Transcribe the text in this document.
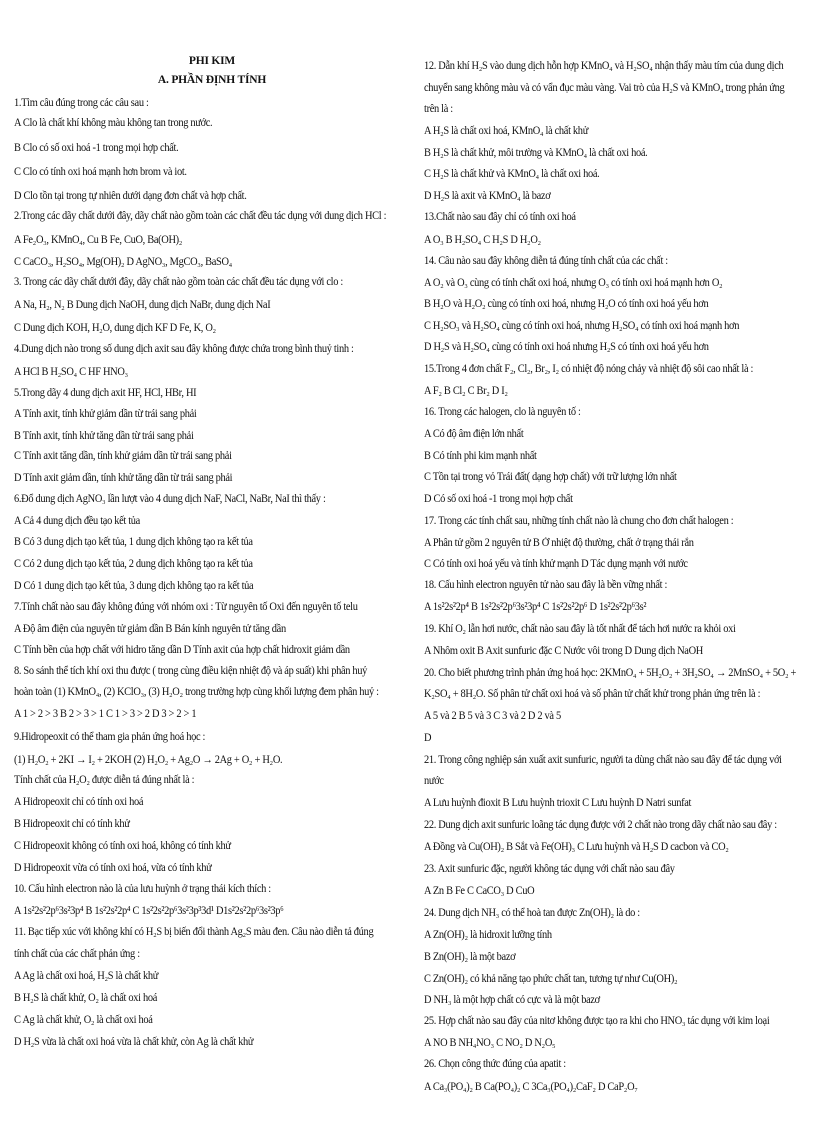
PHI KIM
A. PHẦN ĐỊNH TÍNH
1.Tìm câu đúng trong các câu sau :
A Clo là chất khí không màu không tan trong nước.
B Clo có số oxi hoá -1 trong mọi hợp chất.
C Clo có tính oxi hoá mạnh hơn brom và iot.
D Clo tồn tại trong tự nhiên dưới dạng đơn chất và hợp chất.
2.Trong các dãy chất dưới đây, dãy chất nào gồm toàn các chất đều tác dụng với dung dịch HCl :
A Fe₂O₃, KMnO₄, Cu B Fe, CuO, Ba(OH)₂
C CaCO₃, H₂SO₄, Mg(OH)₂ D AgNO₃, MgCO₃, BaSO₄
3. Trong các dãy chất dưới đây, dãy chất nào gồm toàn các chất đều tác dụng với clo :
A Na, H₂, N₂ B Dung dịch NaOH, dung dịch NaBr, dung dịch NaI
C Dung dịch KOH, H₂O, dung dịch KF D Fe, K, O₂
4.Dung dịch nào trong số dung dịch axit sau đây không được chứa trong bình thuỷ tinh :
A HCl B H₂SO₄ C HF HNO₃
5.Trong dãy 4 dung dịch axit HF, HCl, HBr, HI
A Tính axit, tính khử giảm dần từ trái sang phải
B Tính axit, tính khử tăng dần từ trái sang phải
C Tính axit tăng dần, tính khử giảm dần từ trái sang phải
D Tính axit giảm dần, tính khử tăng dần từ trái sang phải
6.Đổ dung dịch AgNO₃ lần lượt vào 4 dung dịch NaF, NaCl, NaBr, NaI thì thấy :
A Cả 4 dung dịch đều tạo kết tủa
B Có 3 dung dịch tạo kết tủa, 1 dung dịch không tạo ra kết tủa
C Có 2 dung dịch tạo kết tủa, 2 dung dịch không tạo ra kết tủa
D Có 1 dung dịch tạo kết tủa, 3 dung dịch không tạo ra kết tủa
7.Tính chất nào sau đây không đúng với nhóm oxi : Từ nguyên tố Oxi đến nguyên tố telu
A Độ âm điện của nguyên tử giảm dần B Bán kính nguyên tử tăng dần
C Tính bền của hợp chất với hidro tăng dần D Tính axit của hợp chất hidroxit giảm dần
8. So sánh thể tích khí oxi thu được ( trong cùng điều kiện nhiệt độ và áp suất) khi phân huỷ
hoàn toàn (1) KMnO₄, (2) KClO₃, (3) H₂O₂ trong trường hợp cùng khối lượng đem phân huỷ :
A 1 > 2 > 3 B 2 > 3 > 1 C 1 > 3 > 2 D 3 > 2 > 1
9.Hidropeoxit có thể tham gia phản ứng hoá học :
(1) H₂O₂ + 2KI → I₂ + 2KOH (2) H₂O₂ + Ag₂O → 2Ag + O₂ + H₂O.
Tính chất của H₂O₂ được diễn tả đúng nhất là :
A Hidropeoxit chỉ có tính oxi hoá
B Hidropeoxit chỉ có tính khử
C Hidropeoxit không có tính oxi hoá, không có tính khử
D Hidropeoxit vừa có tính oxi hoá, vừa có tính khử
10. Cấu hình electron nào là của lưu huỳnh ở trạng thái kích thích :
A 1s²2s²2p⁶3s²3p⁴ B 1s²2s²2p⁴ C 1s²2s²2p⁶3s²3p³3d¹ D1s²2s²2p⁶3s²3p⁶
11. Bạc tiếp xúc với không khí có H₂S bị biến đổi thành Ag₂S màu đen. Câu nào diễn tả đúng
tính chất của các chất phản ứng :
A Ag là chất oxi hoá, H₂S là chất khử
B H₂S là chất khử, O₂ là chất oxi hoá
C Ag là chất khử, O₂ là chất oxi hoá
D H₂S vừa là chất oxi hoá vừa là chất khử, còn Ag là chất khử
12. Dẫn khí H₂S vào dung dịch hỗn hợp KMnO₄ và H₂SO₄ nhận thấy màu tím của dung dịch
chuyển sang không màu và có vẩn đục màu vàng. Vai trò của H₂S và KMnO₄ trong phản ứng
trên là :
A H₂S là chất oxi hoá, KMnO₄ là chất khử
B H₂S là chất khử, môi trường và KMnO₄ là chất oxi hoá.
C H₂S là chất khử và KMnO₄ là chất oxi hoá.
D H₂S là axit và KMnO₄ là bazơ
13.Chất nào sau đây chỉ có tính oxi hoá
A O₃ B H₂SO₄ C H₂S D H₂O₂
14. Câu nào sau đây không diễn tả đúng tính chất của các chất :
A O₂ và O₃ cùng có tính chất oxi hoá, nhưng O₃ có tính oxi hoá mạnh hơn O₂
B H₂O và H₂O₂ cùng có tính oxi hoá, nhưng H₂O có tính oxi hoá yếu hơn
C H₂SO₃ và H₂SO₄ cùng có tính oxi hoá, nhưng H₂SO₄ có tính oxi hoá mạnh hơn
D H₂S và H₂SO₄ cùng có tính oxi hoá nhưng H₂S có tính oxi hoá yếu hơn
15.Trong 4 đơn chất F₂, Cl₂, Br₂, I₂ có nhiệt độ nóng chảy và nhiệt độ sôi cao nhất là :
A F₂ B Cl₂ C Br₂ D I₂
16. Trong các halogen, clo là nguyên tố :
A Có độ âm điện lớn nhất
B Có tính phi kim mạnh nhất
C Tồn tại trong vỏ Trái đất( dạng hợp chất) với trữ lượng lớn nhất
D Có số oxi hoá -1 trong mọi hợp chất
17. Trong các tính chất sau, những tính chất nào là chung cho đơn chất halogen :
A Phân tử gồm 2 nguyên tử B Ở nhiệt độ thường, chất ở trạng thái rắn
C Có tính oxi hoá yếu và tính khử mạnh D Tác dụng mạnh với nước
18. Cấu hình electron nguyên tử nào sau đây là bền vững nhất :
A 1s²2s²2p⁴ B 1s²2s²2p⁶3s²3p⁴ C 1s²2s²2p⁶ D 1s²2s²2p⁶3s²
19. Khí O₂ lẫn hơi nước, chất nào sau đây là tốt nhất để tách hơi nước ra khỏi oxi
A Nhôm oxit B Axit sunfuric đặc C Nước vôi trong D Dung dịch NaOH
20. Cho biết phương trình phản ứng hoá học: 2KMnO₄ + 5H₂O₂ + 3H₂SO₄ → 2MnSO₄ + 5O₂ +
K₂SO₄ + 8H₂O. Số phân tử chất oxi hoá và số phân tử chất khử trong phản ứng trên là :
A 5 và 2 B 5 và 3 C 3 và 2 D 2 và 5
D
21. Trong công nghiệp sản xuất axit sunfuric, người ta dùng chất nào sau đây để tác dụng với
nước
A Lưu huỳnh đioxit B Lưu huỳnh trioxit C Lưu huỳnh D Natri sunfat
22. Dung dịch axit sunfuric loãng tác dụng được với 2 chất nào trong dãy chất nào sau đây :
A Đồng và Cu(OH)₂ B Sắt và Fe(OH)₃ C Lưu huỳnh và H₂S D cacbon và CO₂
23. Axit sunfuric đặc, người không tác dụng với chất nào sau đây
A Zn B Fe C CaCO₃ D CuO
24. Dung dịch NH₃ có thể hoà tan được Zn(OH)₂ là do :
A Zn(OH)₂ là hidroxit lưỡng tính
B Zn(OH)₂ là một bazơ
C Zn(OH)₂ có khả năng tạo phức chất tan, tương tự như Cu(OH)₂
D NH₃ là một hợp chất có cực và là một bazơ
25. Hợp chất nào sau đây của nitơ không được tạo ra khi cho HNO₃ tác dụng với kim loại
A NO B NH₄NO₃ C NO₂ D N₂O₅
26. Chọn công thức đúng của apatit :
A Ca₃(PO₄)₂ B Ca(PO₄)₂ C 3Ca₃(PO₄)₂CaF₂ D CaP₂O₇
